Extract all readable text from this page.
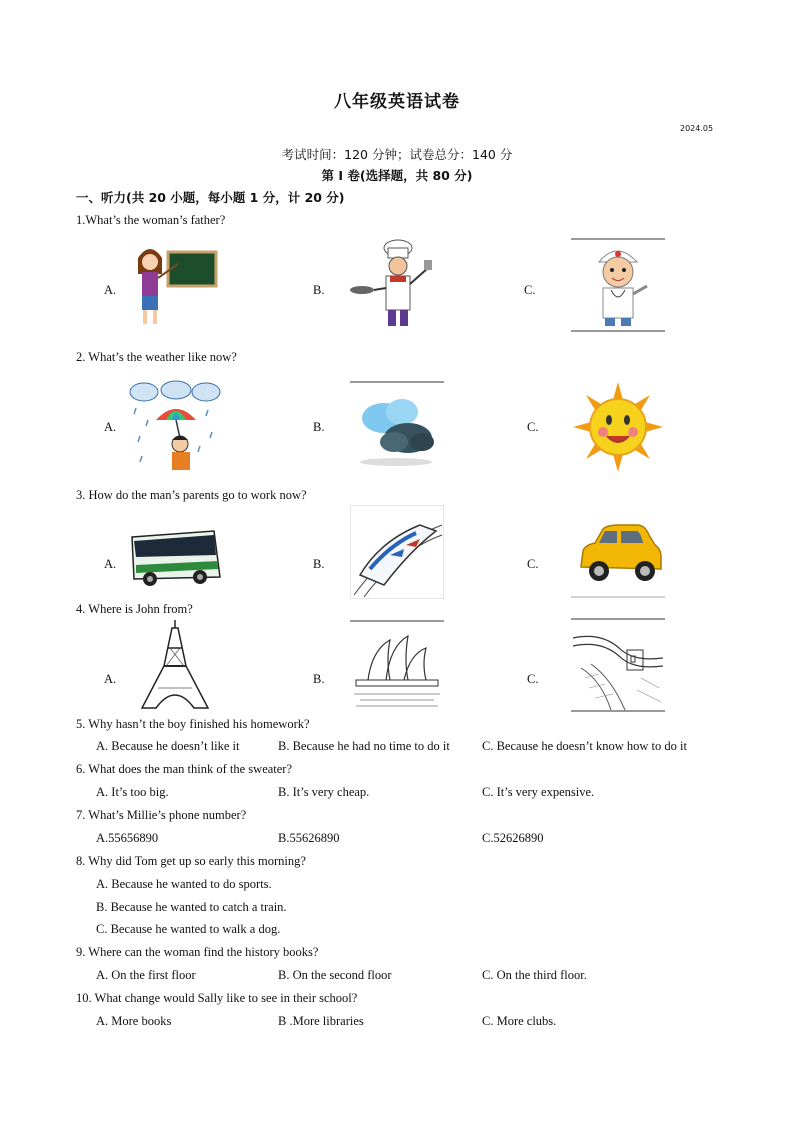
八年级英语试卷
2024.05
考试时间：120 分钟；试卷总分：140 分
第 I 卷(选择题，共 80 分)
一、听力(共 20 小题，每小题 1 分，计 20 分)
1.What’s the woman’s father?
A.	B.	C.
2. What’s the weather like now?
A.	B.	C.
3. How do the man’s parents go to work now?
A.	B.	C.
4. Where is John from?
A.	B.	C.
5. Why hasn’t the boy finished his homework?
A. Because he doesn’t like it	B. Because he had no time to do it	C. Because he doesn’t know how to do it
6. What does the man think of the sweater?
A. It’s too big.	B. It’s very cheap.	C. It’s very expensive.
7. What’s Millie’s phone number?
A.55656890	B.55626890	C.52626890
8. Why did Tom get up so early this morning?
A. Because he wanted to do sports.
B. Because he wanted to catch a train.
C. Because he wanted to walk a dog.
9. Where can the woman find the history books?
A. On the first floor	B. On the second floor	C. On the third floor.
10. What change would Sally like to see in their school?
A. More books	B .More libraries	C. More clubs.
